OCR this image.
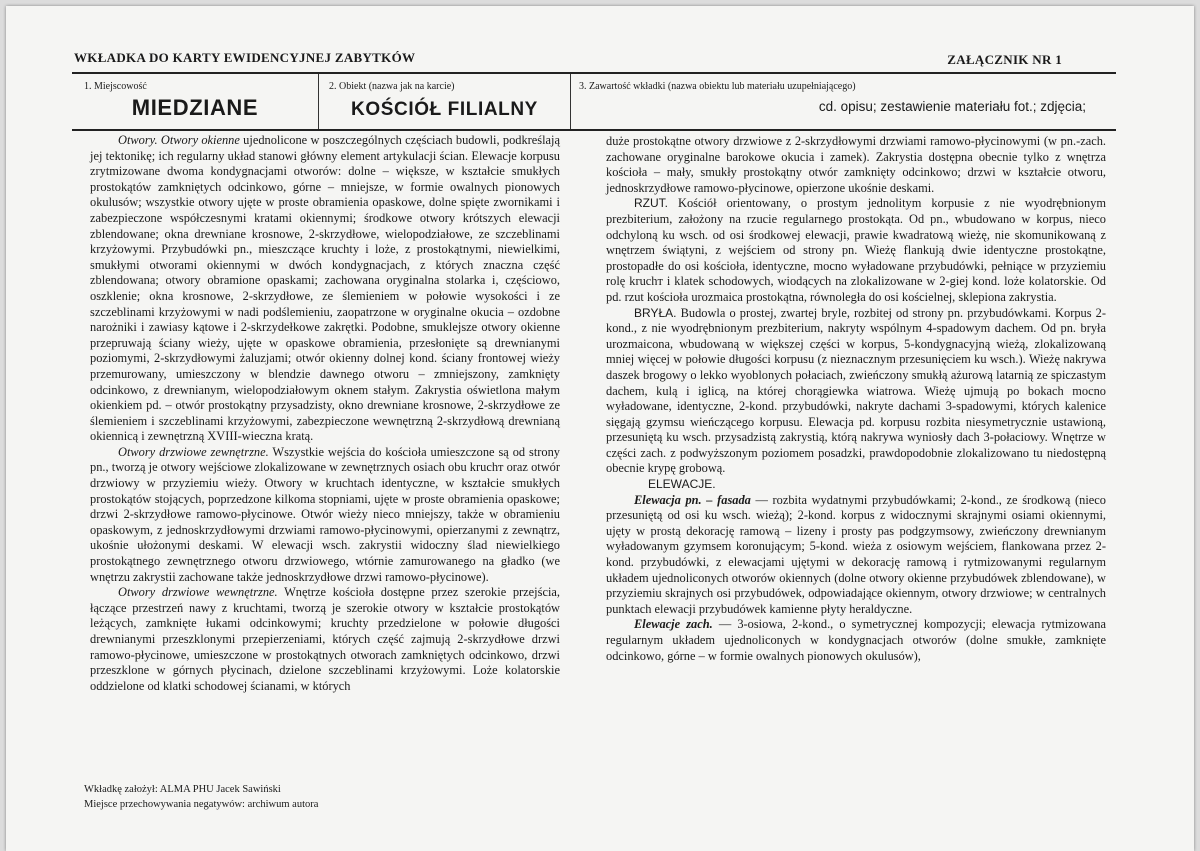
WKŁADKA DO KARTY EWIDENCYJNEJ ZABYTKÓW	ZAŁĄCZNIK NR 1
1. Miejscowość
MIEDZIANE
2. Obiekt (nazwa jak na karcie)
KOŚCIÓŁ FILIALNY
3. Zawartość wkładki (nazwa obiektu lub materiału uzupełniającego)
cd. opisu; zestawienie materiału fot.; zdjęcia;

Otwory. Otwory okienne ujednolicone w poszczególnych częściach budowli, podkreślają jej tektonikę; ich regularny układ stanowi główny element artykulacji ścian. Elewacje korpusu zrytmizowane dwoma kondygnacjami otworów: dolne – większe, w kształcie smukłych prostokątów zamkniętych odcinkowo, górne – mniejsze, w formie owalnych pionowych okulusów; wszystkie otwory ujęte w proste obramienia opaskowe, dolne spięte zwornikami i zabezpieczone współczesnymi kratami okiennymi; środkowe otwory krótszych elewacji zblendowane; okna drewniane krosnowe, 2-skrzydłowe, wielopodziałowe, ze szczeblinami krzyżowymi. Przybudówki pn., mieszczące kruchty i loże, z prostokątnymi, niewielkimi, smukłymi otworami okiennymi w dwóch kondygnacjach, z których znaczna część zblendowana; otwory obramione opaskami; zachowana oryginalna stolarka i, częściowo, oszklenie; okna krosnowe, 2-skrzydłowe, ze ślemieniem w połowie wysokości i ze szczeblinami krzyżowymi w nadi podślemieniu, zaopatrzone w oryginalne okucia – ozdobne narożniki i zawiasy kątowe i 2-skrzydełkowe zakrętki. Podobne, smuklejsze otwory okienne przepruwają ściany wieży, ujęte w opaskowe obramienia, przesłonięte są drewnianymi poziomymi, 2-skrzydłowymi żaluzjami; otwór okienny dolnej kond. ściany frontowej wieży przemurowany, umieszczony w blendzie dawnego otworu – zmniejszony, zamknięty odcinkowo, z drewnianym, wielopodziałowym oknem stałym. Zakrystia oświetlona małym okienkiem pd. – otwór prostokątny przysadzisty, okno drewniane krosnowe, 2-skrzydłowe ze ślemieniem i szczeblinami krzyżowymi, zabezpieczone wewnętrzną 2-skrzydłową drewnianą okiennicą i zewnętrzną XVIII-wieczna kratą.

Otwory drzwiowe zewnętrzne. Wszystkie wejścia do kościoła umieszczone są od strony pn., tworzą je otwory wejściowe zlokalizowane w zewnętrznych osiach obu kruchт oraz otwór drzwiowy w przyziemiu wieży. Otwory w kruchtach identyczne, w kształcie smukłych prostokątów stojących, poprzedzone kilkoma stopniami, ujęte w proste obramienia opaskowe; drzwi 2-skrzydłowe ramowo-płycinowe. Otwór wieży nieco mniejszy, także w obramieniu opaskowym, z jednoskrzydłowymi drzwiami ramowo-płycinowymi, opierzanymi z zewnątrz, ukośnie ułożonymi deskami. W elewacji wsch. zakrystii widoczny ślad niewielkiego prostokątnego zewnętrznego otworu drzwiowego, wtórnie zamurowanego na gładko (we wnętrzu zakrystii zachowane także jednoskrzydłowe drzwi ramowo-płycinowe).

Otwory drzwiowe wewnętrzne. Wnętrze kościoła dostępne przez szerokie przejścia, łączące przestrzeń nawy z kruchtami, tworzą je szerokie otwory w kształcie prostokątów leżących, zamknięte łukami odcinkowymi; kruchty przedzielone w połowie długości drewnianymi przeszklonymi przepierzeniami, których część zajmują 2-skrzydłowe drzwi ramowo-płycinowe, umieszczone w prostokątnych otworach zamkniętych odcinkowo, drzwi przeszklone w górnych płycinach, dzielone szczeblinami krzyżowymi. Loże kolatorskie oddzielone od klatki schodowej ścianami, w których

duże prostokątne otwory drzwiowe z 2-skrzydłowymi drzwiami ramowo-płycinowymi (w pn.-zach. zachowane oryginalne barokowe okucia i zamek). Zakrystia dostępna obecnie tylko z wnętrza kościoła – mały, smukły prostokątny otwór zamknięty odcinkowo; drzwi w kształcie otworu, jednoskrzydłowe ramowo-płycinowe, opierzone ukośnie deskami.

RZUT. Kościół orientowany, o prostym jednolitym korpusie z nie wyodrębnionym prezbiterium, założony na rzucie regularnego prostokąta. Od pn., wbudowano w korpus, nieco odchyloną ku wsch. od osi środkowej elewacji, prawie kwadratową wieżę, nie skomunikowaną z wnętrzem świątyni, z wejściem od strony pn. Wieżę flankują dwie identyczne prostokątne, prostopadłe do osi kościoła, identyczne, mocno wyładowane przybudówki, pełniące w przyziemiu rolę kruchт i klatek schodowych, wiodących na zlokalizowane w 2-giej kond. loże kolatorskie. Od pd. rzut kościoła urozmaica prostokątna, równoległa do osi kościelnej, sklepiona zakrystia.

BRYŁA. Budowla o prostej, zwartej bryle, rozbitej od strony pn. przybudówkami. Korpus 2-kond., z nie wyodrębnionym prezbiterium, nakryty wspólnym 4-spadowym dachem. Od pn. bryła urozmaicona, wbudowaną w większej części w korpus, 5-kondygnacyjną wieżą, zlokalizowaną mniej więcej w połowie długości korpusu (z nieznacznym przesunięciem ku wsch.). Wieżę nakrywa daszek brogowy o lekko wyoblonych połaciach, zwieńczony smukłą ażurową latarnią ze spiczastym dachem, kulą i iglicą, na której chorągiewka wiatrowa. Wieżę ujmują po bokach mocno wyładowane, identyczne, 2-kond. przybudówki, nakryte dachami 3-spadowymi, których kalenice sięgają gzymsu wieńczącego korpusu. Elewacja pd. korpusu rozbita niesymetrycznie ustawioną, przesuniętą ku wsch. przysadzistą zakrystią, którą nakrywa wyniosły dach 3-połaciowy. Wnętrze w części zach. z podwyższonym poziomem posadzki, prawdopodobnie zlokalizowano tu niedostępną obecnie krypę grobową.

ELEWACJE.

Elewacja pn. – fasada — rozbita wydatnymi przybudówkami; 2-kond., ze środkową (nieco przesuniętą od osi ku wsch. wieżą); 2-kond. korpus z widocznymi skrajnymi osiami okiennymi, ujęty w prostą dekorację ramową – lizeny i prosty pas podgzymsowy, zwieńczony drewnianym wyładowanym gzymsem koronującym; 5-kond. wieża z osiowym wejściem, flankowana przez 2-kond. przybudówki, z elewacjami ujętymi w dekorację ramową i rytmizowanymi regularnym układem ujednoliconych otworów okiennych (dolne otwory okienne przybudówek zblendowane), w przyziemiu skrajnych osi przybudówek, odpowiadające okiennym, otwory drzwiowe; w centralnych punktach elewacji przybudówek kamienne płyty heraldyczne.

Elewacje zach. — 3-osiowa, 2-kond., o symetrycznej kompozycji; elewacja rytmizowana regularnym układem ujednoliconych w kondygnacjach otworów (dolne smukłe, zamknięte odcinkowo, górne – w formie owalnych pionowych okulusów),

Wkładkę założył: ALMA PHU Jacek Sawiński
Miejsce przechowywania negatywów: archiwum autora
